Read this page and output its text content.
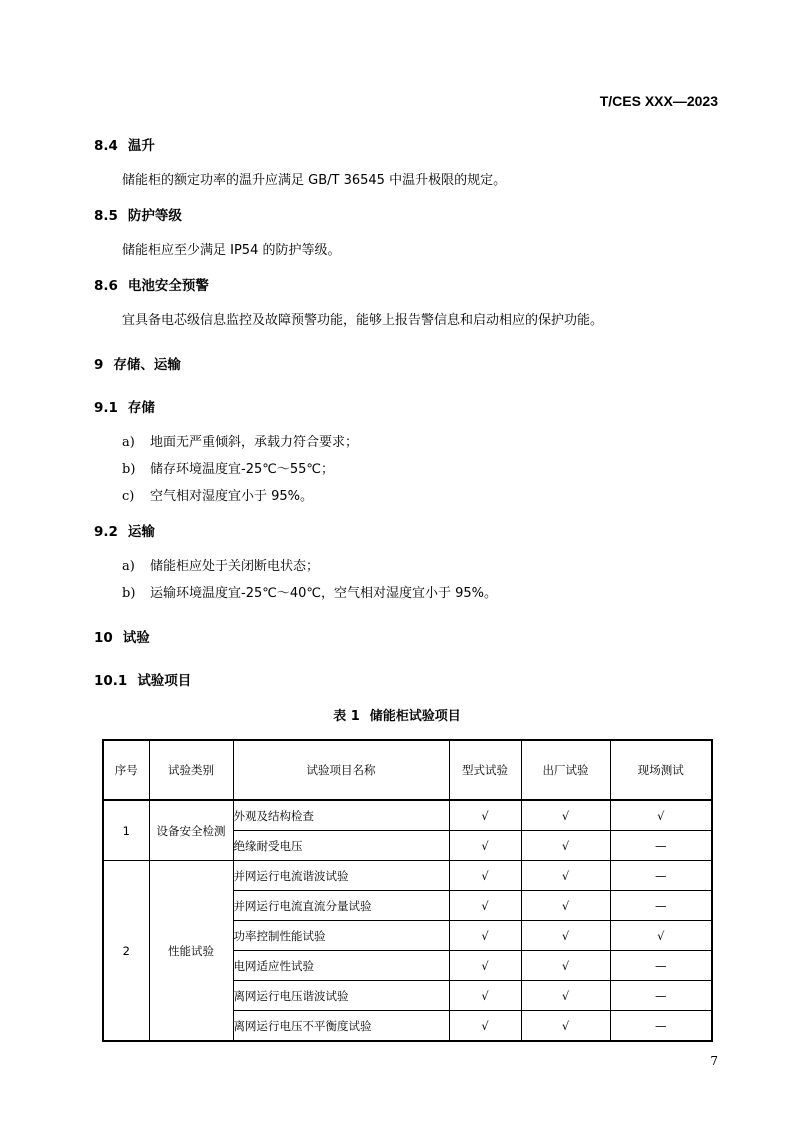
T/CES XXX—2023
8.4 温升
储能柜的额定功率的温升应满足 GB/T 36545 中温升极限的规定。
8.5 防护等级
储能柜应至少满足 IP54 的防护等级。
8.6 电池安全预警
宜具备电芯级信息监控及故障预警功能，能够上报告警信息和启动相应的保护功能。
9 存储、运输
9.1 存储
a) 地面无严重倾斜，承载力符合要求；
b) 储存环境温度宜-25℃～55℃；
c) 空气相对湿度宜小于 95%。
9.2 运输
a) 储能柜应处于关闭断电状态；
b) 运输环境温度宜-25℃～40℃，空气相对湿度宜小于 95%。
10 试验
10.1 试验项目
表 1 储能柜试验项目
序号	试验类别	试验项目名称	型式试验	出厂试验	现场测试
1	设备安全检测	外观及结构检查	√	√	√
		绝缘耐受电压	√	√	—
2	性能试验	并网运行电流谐波试验	√	√	—
		并网运行电流直流分量试验	√	√	—
		功率控制性能试验	√	√	√
		电网适应性试验	√	√	—
		离网运行电压谐波试验	√	√	—
		离网运行电压不平衡度试验	√	√	—
7
